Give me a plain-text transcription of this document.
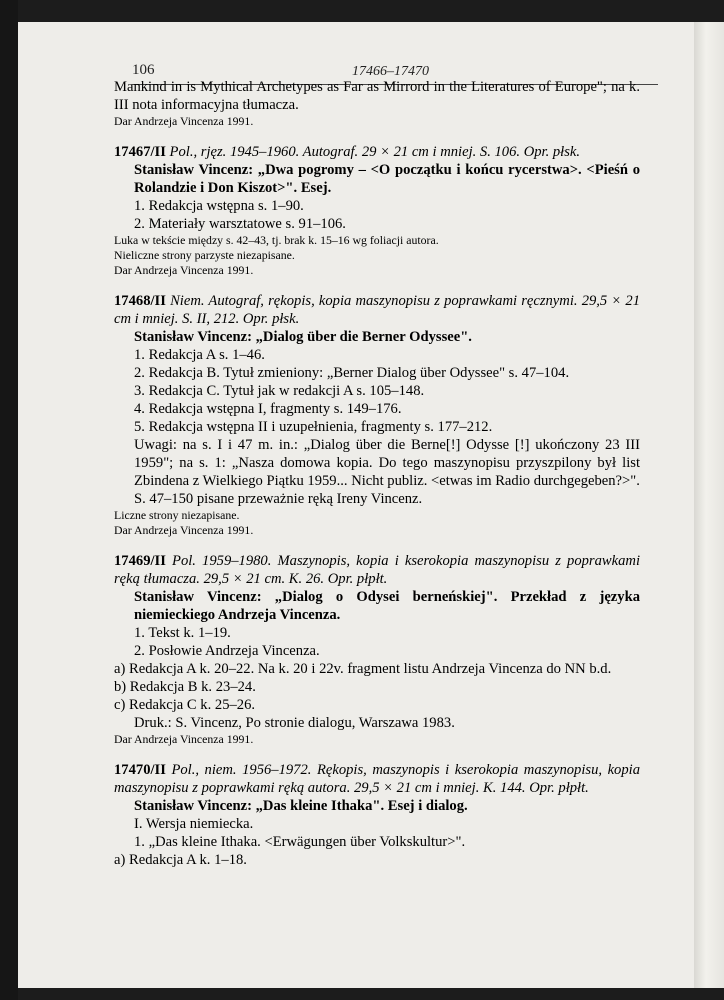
106	17466–17470

Mankind in is Mythical Archetypes as Far as Mirrord in the Literatures of Europe"; na k. III nota informacyjna tłumacza.

Dar Andrzeja Vincenza 1991.

17467/II Pol., rjęz. 1945–1960. Autograf. 29 × 21 cm i mniej. S. 106. Opr. płsk.

Stanisław Vincenz: „Dwa pogromy – <O początku i końcu rycerstwa>. <Pieśń o Rolandzie i Don Kiszot>". Esej.

1. Redakcja wstępna s. 1–90.

2. Materiały warsztatowe s. 91–106.

Luka w tekście między s. 42–43, tj. brak k. 15–16 wg foliacji autora.

Nieliczne strony parzyste niezapisane.

Dar Andrzeja Vincenza 1991.

17468/II Niem. Autograf, rękopis, kopia maszynopisu z poprawkami ręcznymi. 29,5 × 21 cm i mniej. S. II, 212. Opr. płsk.

Stanisław Vincenz: „Dialog über die Berner Odyssee".

1. Redakcja A s. 1–46.

2. Redakcja B. Tytuł zmieniony: „Berner Dialog über Odyssee" s. 47–104.

3. Redakcja C. Tytuł jak w redakcji A s. 105–148.

4. Redakcja wstępna I, fragmenty s. 149–176.

5. Redakcja wstępna II i uzupełnienia, fragmenty s. 177–212.

Uwagi: na s. I i 47 m. in.: „Dialog über die Berne[!] Odysse [!] ukończony 23 III 1959"; na s. 1: „Nasza domowa kopia. Do tego maszynopisu przyszpilony był list Zbindena z Wielkiego Piątku 1959... Nicht publiz. <etwas im Radio durchgegeben?>".

S. 47–150 pisane przeważnie ręką Ireny Vincenz.

Liczne strony niezapisane.

Dar Andrzeja Vincenza 1991.

17469/II Pol. 1959–1980. Maszynopis, kopia i kserokopia maszynopisu z poprawkami ręką tłumacza. 29,5 × 21 cm. K. 26. Opr. płpłt.

Stanisław Vincenz: „Dialog o Odysei berneńskiej". Przekład z języka niemieckiego Andrzeja Vincenza.

1. Tekst k. 1–19.

2. Posłowie Andrzeja Vincenza.

a) Redakcja A k. 20–22. Na k. 20 i 22v. fragment listu Andrzeja Vincenza do NN b.d.

b) Redakcja B k. 23–24.

c) Redakcja C k. 25–26.

Druk.: S. Vincenz, Po stronie dialogu, Warszawa 1983.

Dar Andrzeja Vincenza 1991.

17470/II Pol., niem. 1956–1972. Rękopis, maszynopis i kserokopia maszynopisu, kopia maszynopisu z poprawkami ręką autora. 29,5 × 21 cm i mniej. K. 144. Opr. płpłt.

Stanisław Vincenz: „Das kleine Ithaka". Esej i dialog.

I. Wersja niemiecka.

1. „Das kleine Ithaka. <Erwägungen über Volkskultur>".

a) Redakcja A k. 1–18.
